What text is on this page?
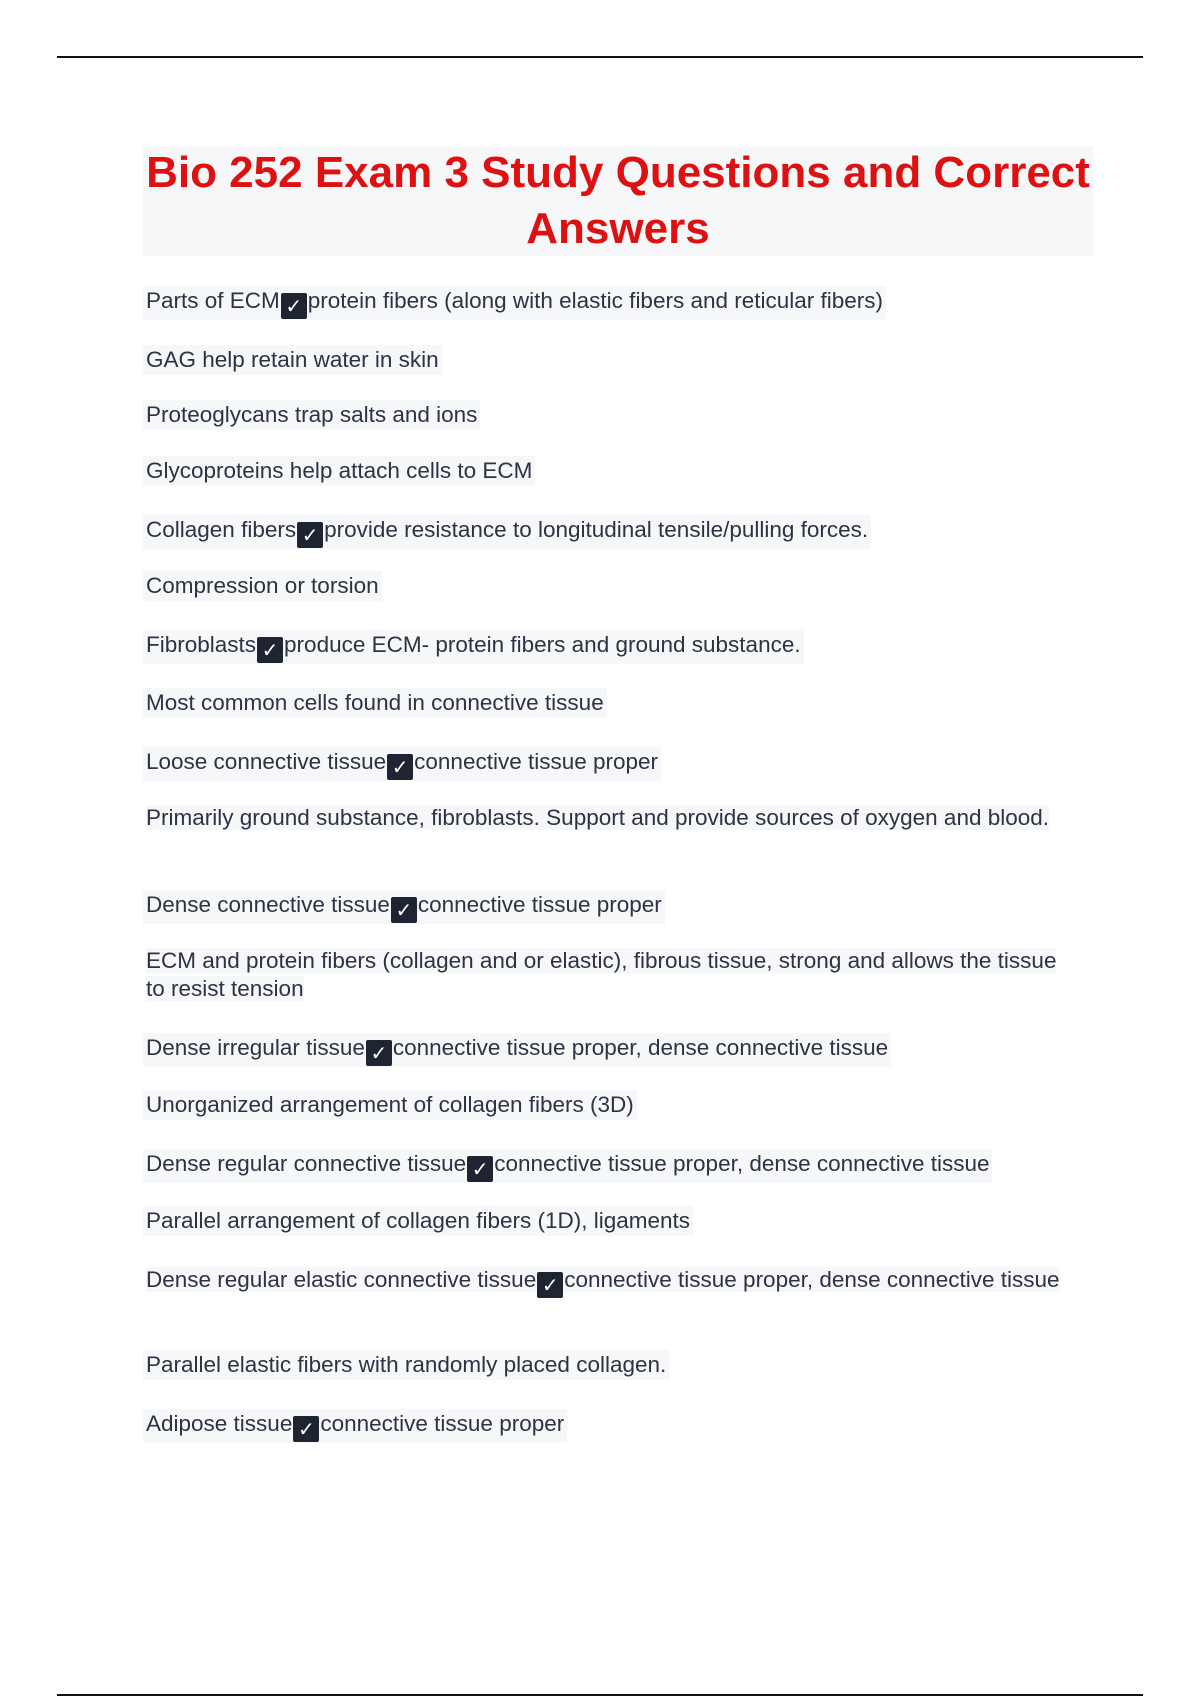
Bio 252 Exam 3 Study Questions and Correct Answers
Parts of ECM ✓ protein fibers (along with elastic fibers and reticular fibers)
GAG help retain water in skin
Proteoglycans trap salts and ions
Glycoproteins help attach cells to ECM
Collagen fibers ✓ provide resistance to longitudinal tensile/pulling forces.
Compression or torsion
Fibroblasts ✓ produce ECM- protein fibers and ground substance.
Most common cells found in connective tissue
Loose connective tissue ✓ connective tissue proper
Primarily ground substance, fibroblasts. Support and provide sources of oxygen and blood.
Dense connective tissue ✓ connective tissue proper
ECM and protein fibers (collagen and or elastic), fibrous tissue, strong and allows the tissue to resist tension
Dense irregular tissue ✓ connective tissue proper, dense connective tissue
Unorganized arrangement of collagen fibers (3D)
Dense regular connective tissue ✓ connective tissue proper, dense connective tissue
Parallel arrangement of collagen fibers (1D), ligaments
Dense regular elastic connective tissue ✓ connective tissue proper, dense connective tissue
Parallel elastic fibers with randomly placed collagen.
Adipose tissue ✓ connective tissue proper
